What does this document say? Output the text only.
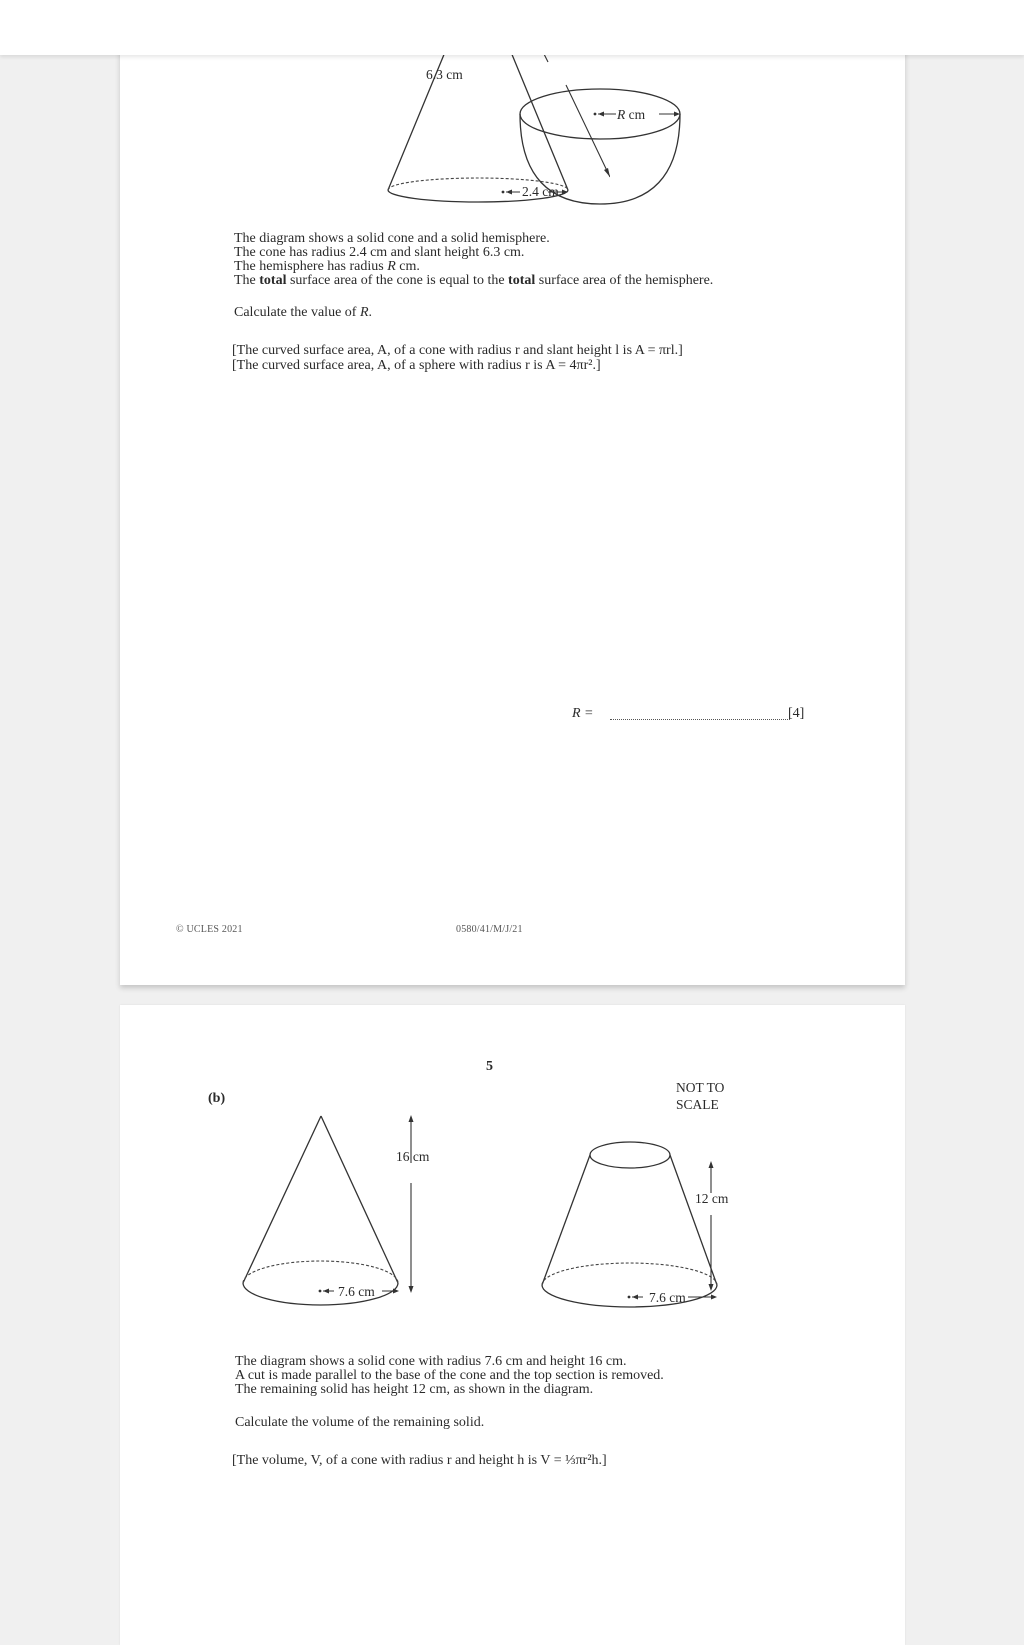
6.3 cm
2.4 cm
R cm
The diagram shows a solid cone and a solid hemisphere.
The cone has radius 2.4 cm and slant height 6.3 cm.
The hemisphere has radius R cm.
The total surface area of the cone is equal to the total surface area of the hemisphere.
Calculate the value of R.
[The curved surface area, A, of a cone with radius r and slant height l is A = πrl.]
[The curved surface area, A, of a sphere with radius r is A = 4πr².]
R =	[4]
© UCLES 2021	0580/41/M/J/21
5
(b)
16 cm
7.6 cm
NOT TO
SCALE
12 cm
7.6 cm
The diagram shows a solid cone with radius 7.6 cm and height 16 cm.
A cut is made parallel to the base of the cone and the top section is removed.
The remaining solid has height 12 cm, as shown in the diagram.
Calculate the volume of the remaining solid.
[The volume, V, of a cone with radius r and height h is V = ⅓πr²h.]
